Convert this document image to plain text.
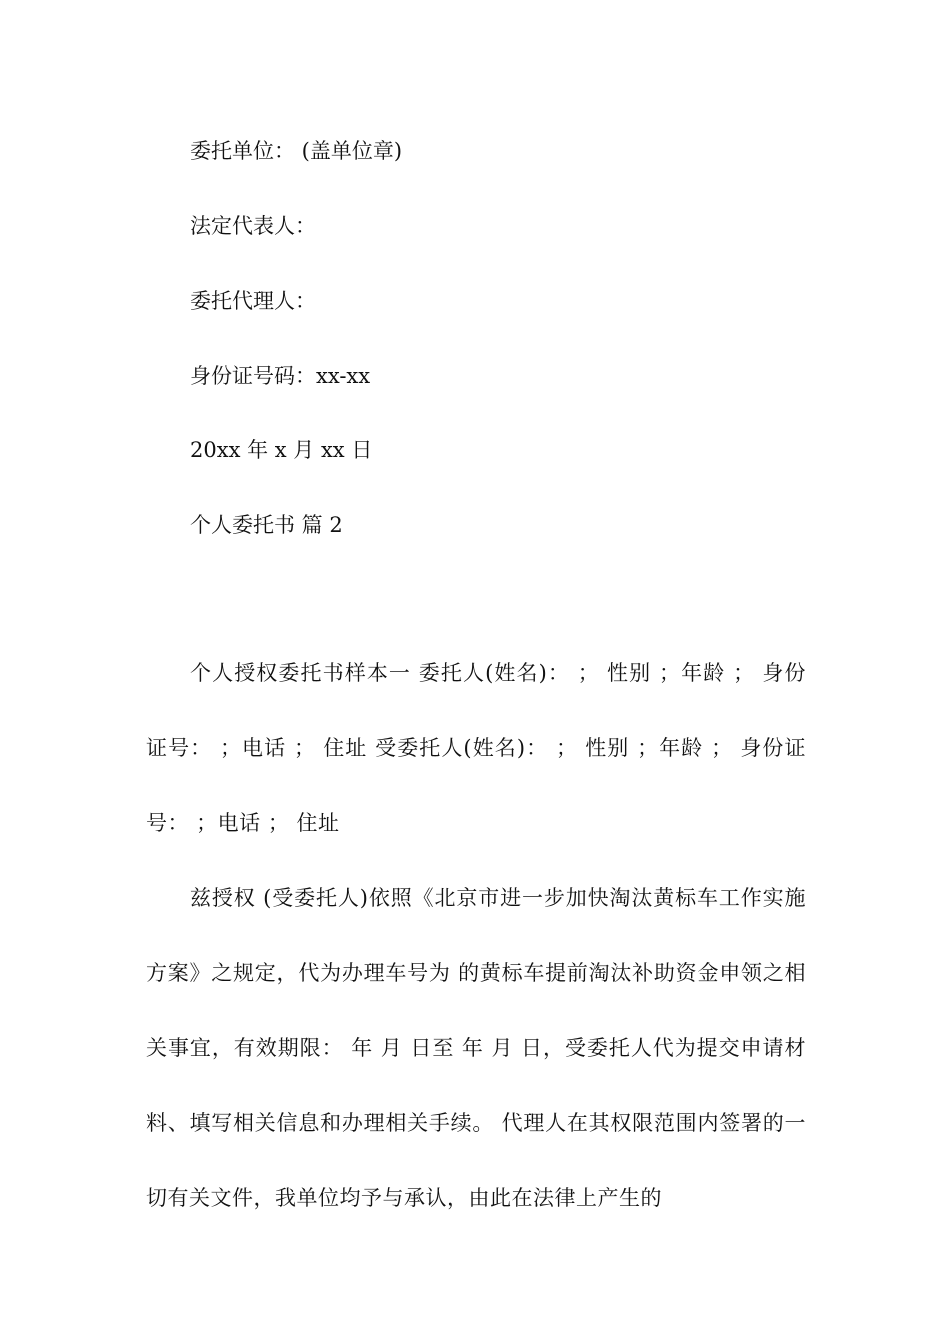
委托单位： (盖单位章)
法定代表人：
委托代理人：
身份证号码：xx-xx
20xx 年 x 月 xx 日
个人委托书 篇 2
个人授权委托书样本一 委托人(姓名)： ； 性别 ；年龄 ； 身份证号： ；电话 ； 住址 受委托人(姓名)： ； 性别 ；年龄 ； 身份证号： ；电话 ； 住址
兹授权 (受委托人)依照《北京市进一步加快淘汰黄标车工作实施方案》之规定，代为办理车号为 的黄标车提前淘汰补助资金申领之相关事宜，有效期限： 年 月 日至 年 月 日，受委托人代为提交申请材料、填写相关信息和办理相关手续。 代理人在其权限范围内签署的一切有关文件，我单位均予与承认，由此在法律上产生的
